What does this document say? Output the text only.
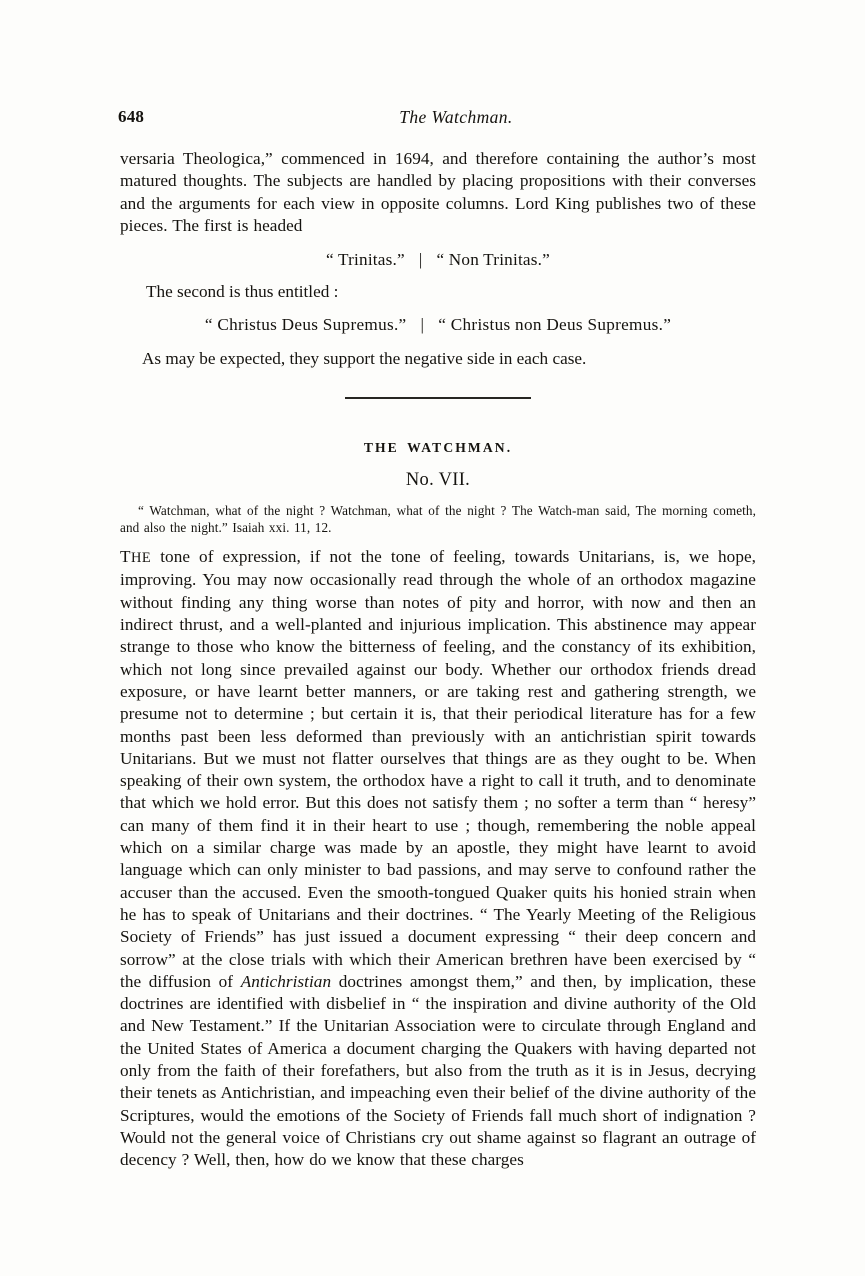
648	The Watchman.

versaria Theologica,” commenced in 1694, and therefore containing the author’s most matured thoughts. The subjects are handled by placing propositions with their converses and the arguments for each view in opposite columns. Lord King publishes two of these pieces. The first is headed

“ Trinitas.” | “ Non Trinitas.”

The second is thus entitled :

“ Christus Deus Supremus.” | “ Christus non Deus Supremus.”

As may be expected, they support the negative side in each case.

THE WATCHMAN.

No. VII.

“ Watchman, what of the night ? Watchman, what of the night ? The Watch-man said, The morning cometh, and also the night.” Isaiah xxi. 11, 12.

THE tone of expression, if not the tone of feeling, towards Unitarians, is, we hope, improving. You may now occasionally read through the whole of an orthodox magazine without finding any thing worse than notes of pity and horror, with now and then an indirect thrust, and a well-planted and injurious implication. This abstinence may appear strange to those who know the bitterness of feeling, and the constancy of its exhibition, which not long since prevailed against our body. Whether our orthodox friends dread exposure, or have learnt better manners, or are taking rest and gathering strength, we presume not to determine ; but certain it is, that their periodical literature has for a few months past been less deformed than previously with an antichristian spirit towards Unitarians. But we must not flatter ourselves that things are as they ought to be. When speaking of their own system, the orthodox have a right to call it truth, and to denominate that which we hold error. But this does not satisfy them ; no softer a term than “ heresy” can many of them find it in their heart to use ; though, remembering the noble appeal which on a similar charge was made by an apostle, they might have learnt to avoid language which can only minister to bad passions, and may serve to confound rather the accuser than the accused. Even the smooth-tongued Quaker quits his honied strain when he has to speak of Unitarians and their doctrines. “ The Yearly Meeting of the Religious Society of Friends” has just issued a document expressing “ their deep concern and sorrow” at the close trials with which their American brethren have been exercised by “ the diffusion of Antichristian doctrines amongst them,” and then, by implication, these doctrines are identified with disbelief in “ the inspiration and divine authority of the Old and New Testament.” If the Unitarian Association were to circulate through England and the United States of America a document charging the Quakers with having departed not only from the faith of their forefathers, but also from the truth as it is in Jesus, decrying their tenets as Antichristian, and impeaching even their belief of the divine authority of the Scriptures, would the emotions of the Society of Friends fall much short of indignation ? Would not the general voice of Christians cry out shame against so flagrant an outrage of decency ? Well, then, how do we know that these charges
